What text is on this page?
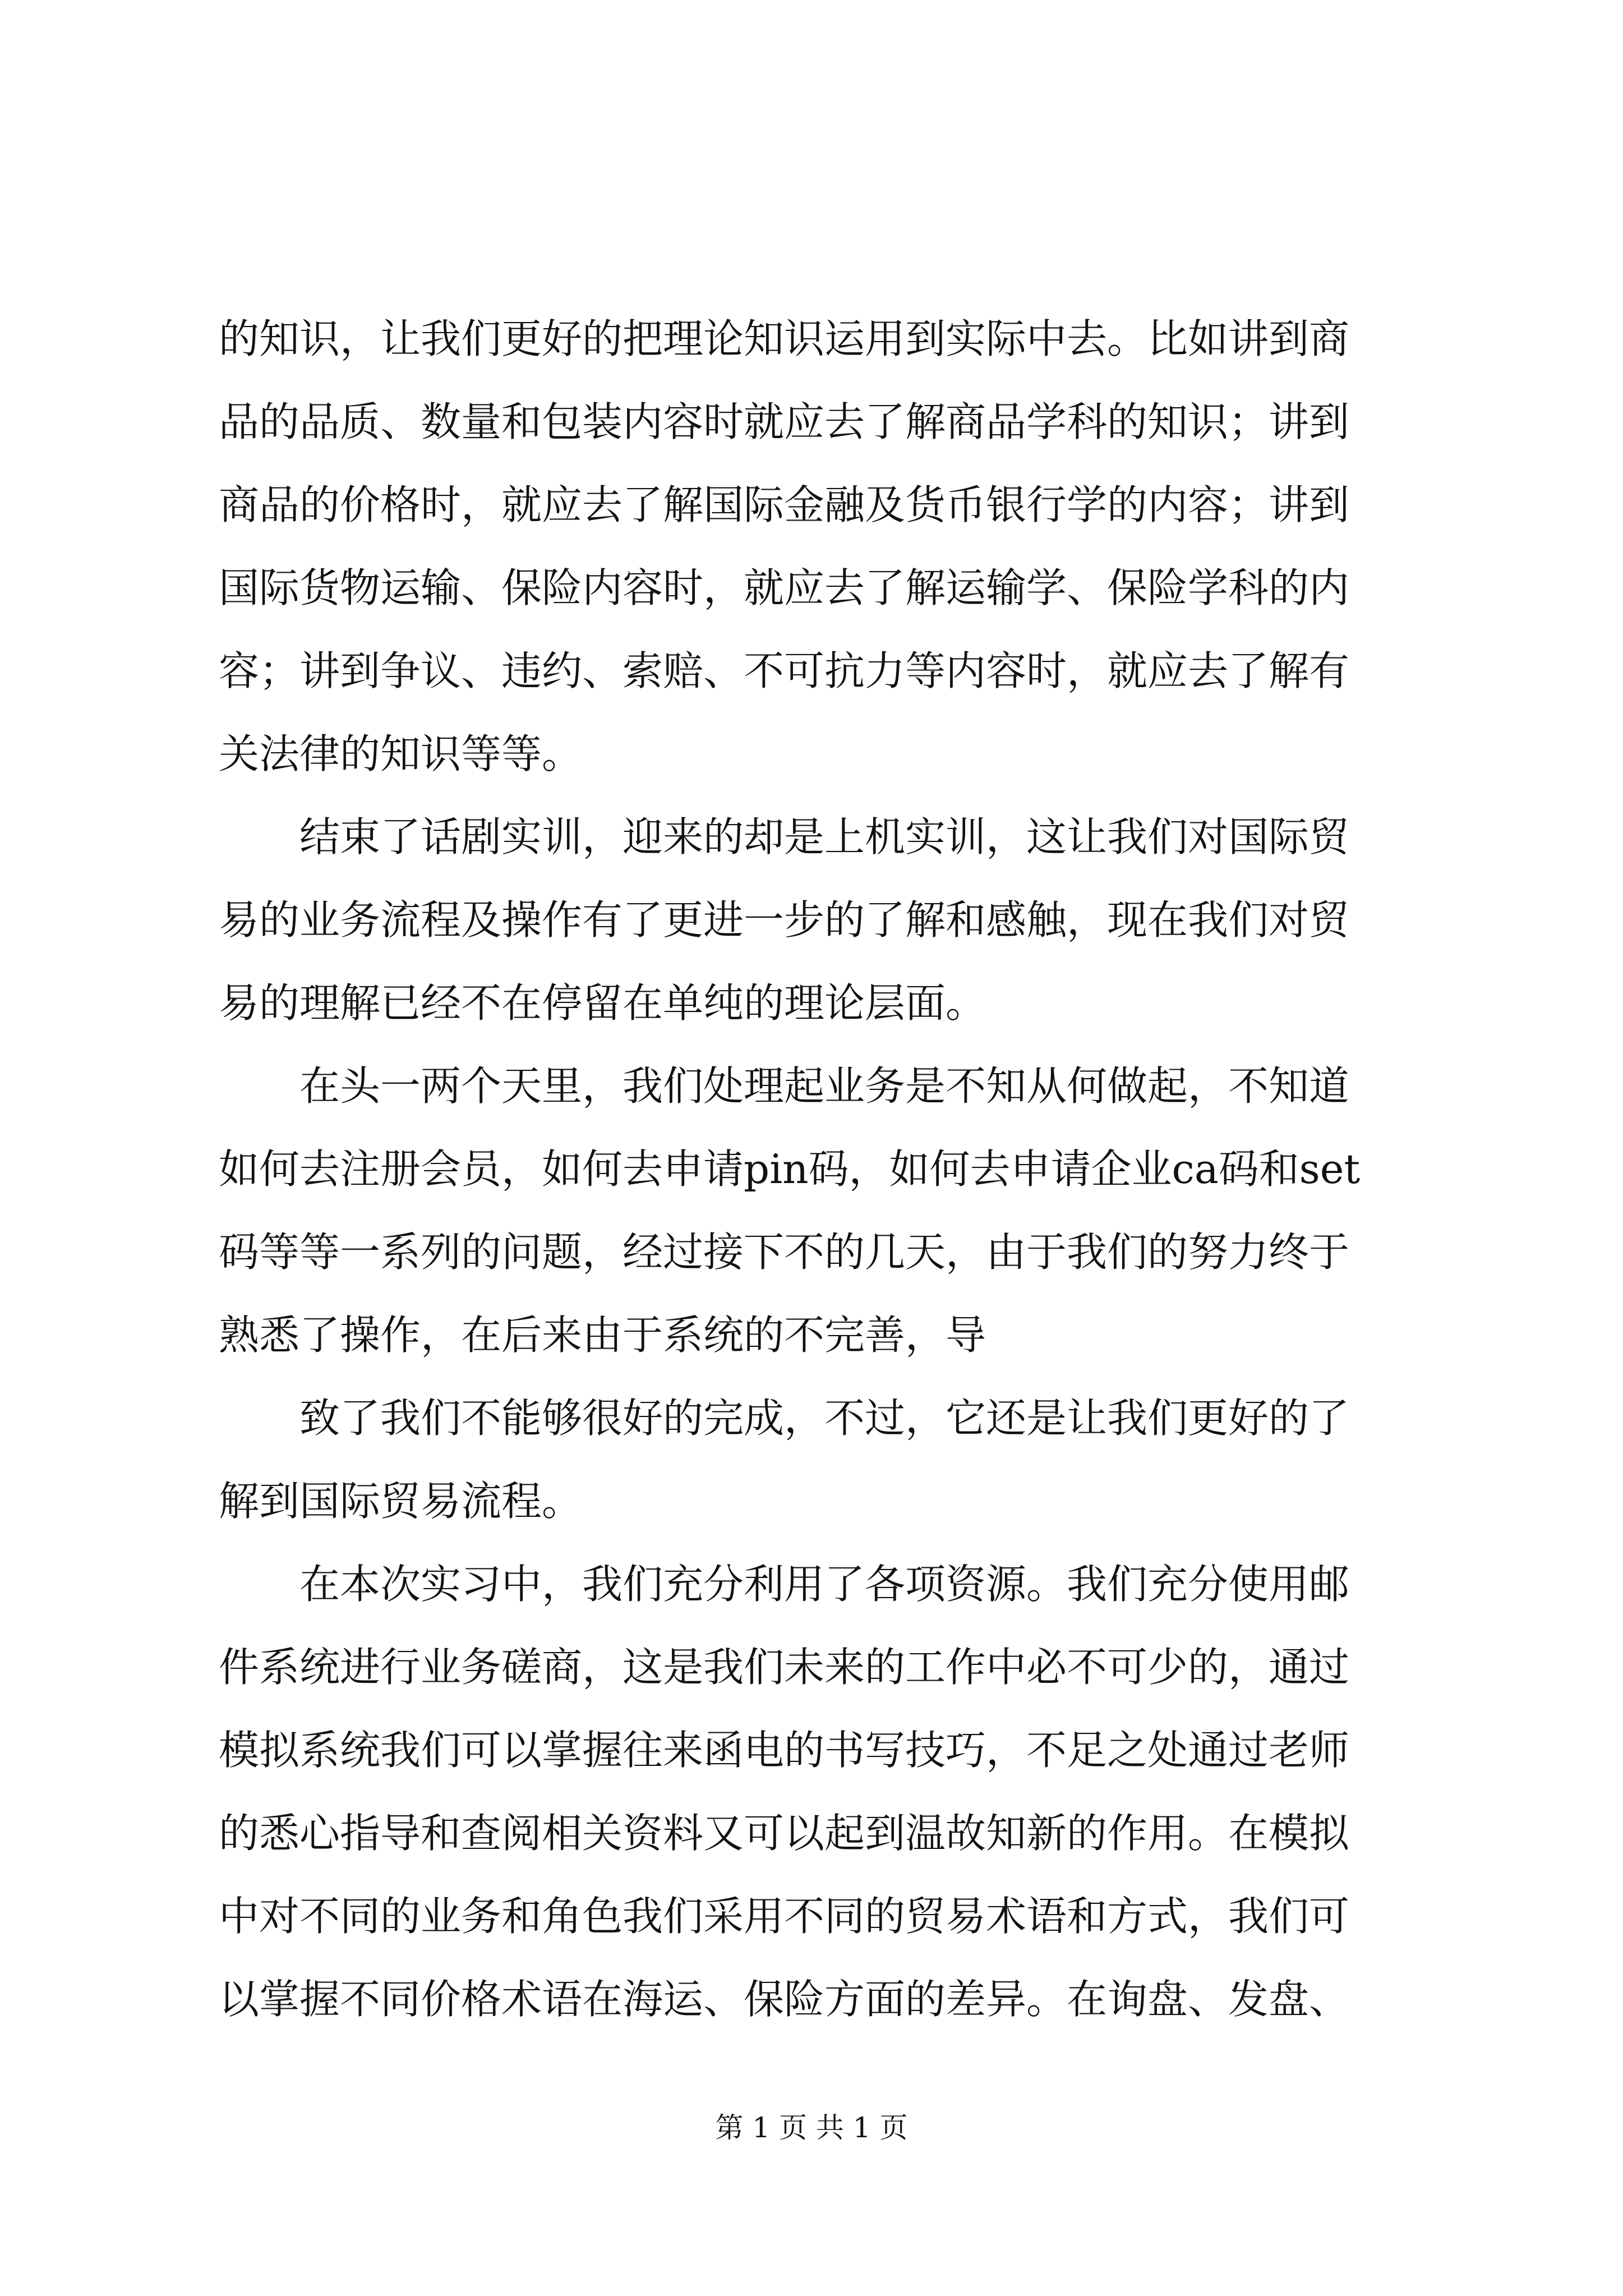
的知识，让我们更好的把理论知识运用到实际中去。比如讲到商
品的品质、数量和包装内容时就应去了解商品学科的知识；讲到
商品的价格时，就应去了解国际金融及货币银行学的内容；讲到
国际货物运输、保险内容时，就应去了解运输学、保险学科的内
容；讲到争议、违约、索赔、不可抗力等内容时，就应去了解有
关法律的知识等等。
结束了话剧实训，迎来的却是上机实训，这让我们对国际贸
易的业务流程及操作有了更进一步的了解和感触，现在我们对贸
易的理解已经不在停留在单纯的理论层面。
在头一两个天里，我们处理起业务是不知从何做起，不知道
如何去注册会员，如何去申请pin码，如何去申请企业ca码和set
码等等一系列的问题，经过接下不的几天，由于我们的努力终于
熟悉了操作，在后来由于系统的不完善，导
致了我们不能够很好的完成，不过，它还是让我们更好的了
解到国际贸易流程。
在本次实习中，我们充分利用了各项资源。我们充分使用邮
件系统进行业务磋商，这是我们未来的工作中必不可少的，通过
模拟系统我们可以掌握往来函电的书写技巧，不足之处通过老师
的悉心指导和查阅相关资料又可以起到温故知新的作用。在模拟
中对不同的业务和角色我们采用不同的贸易术语和方式，我们可
以掌握不同价格术语在海运、保险方面的差异。在询盘、发盘、
第 1 页 共 1 页
